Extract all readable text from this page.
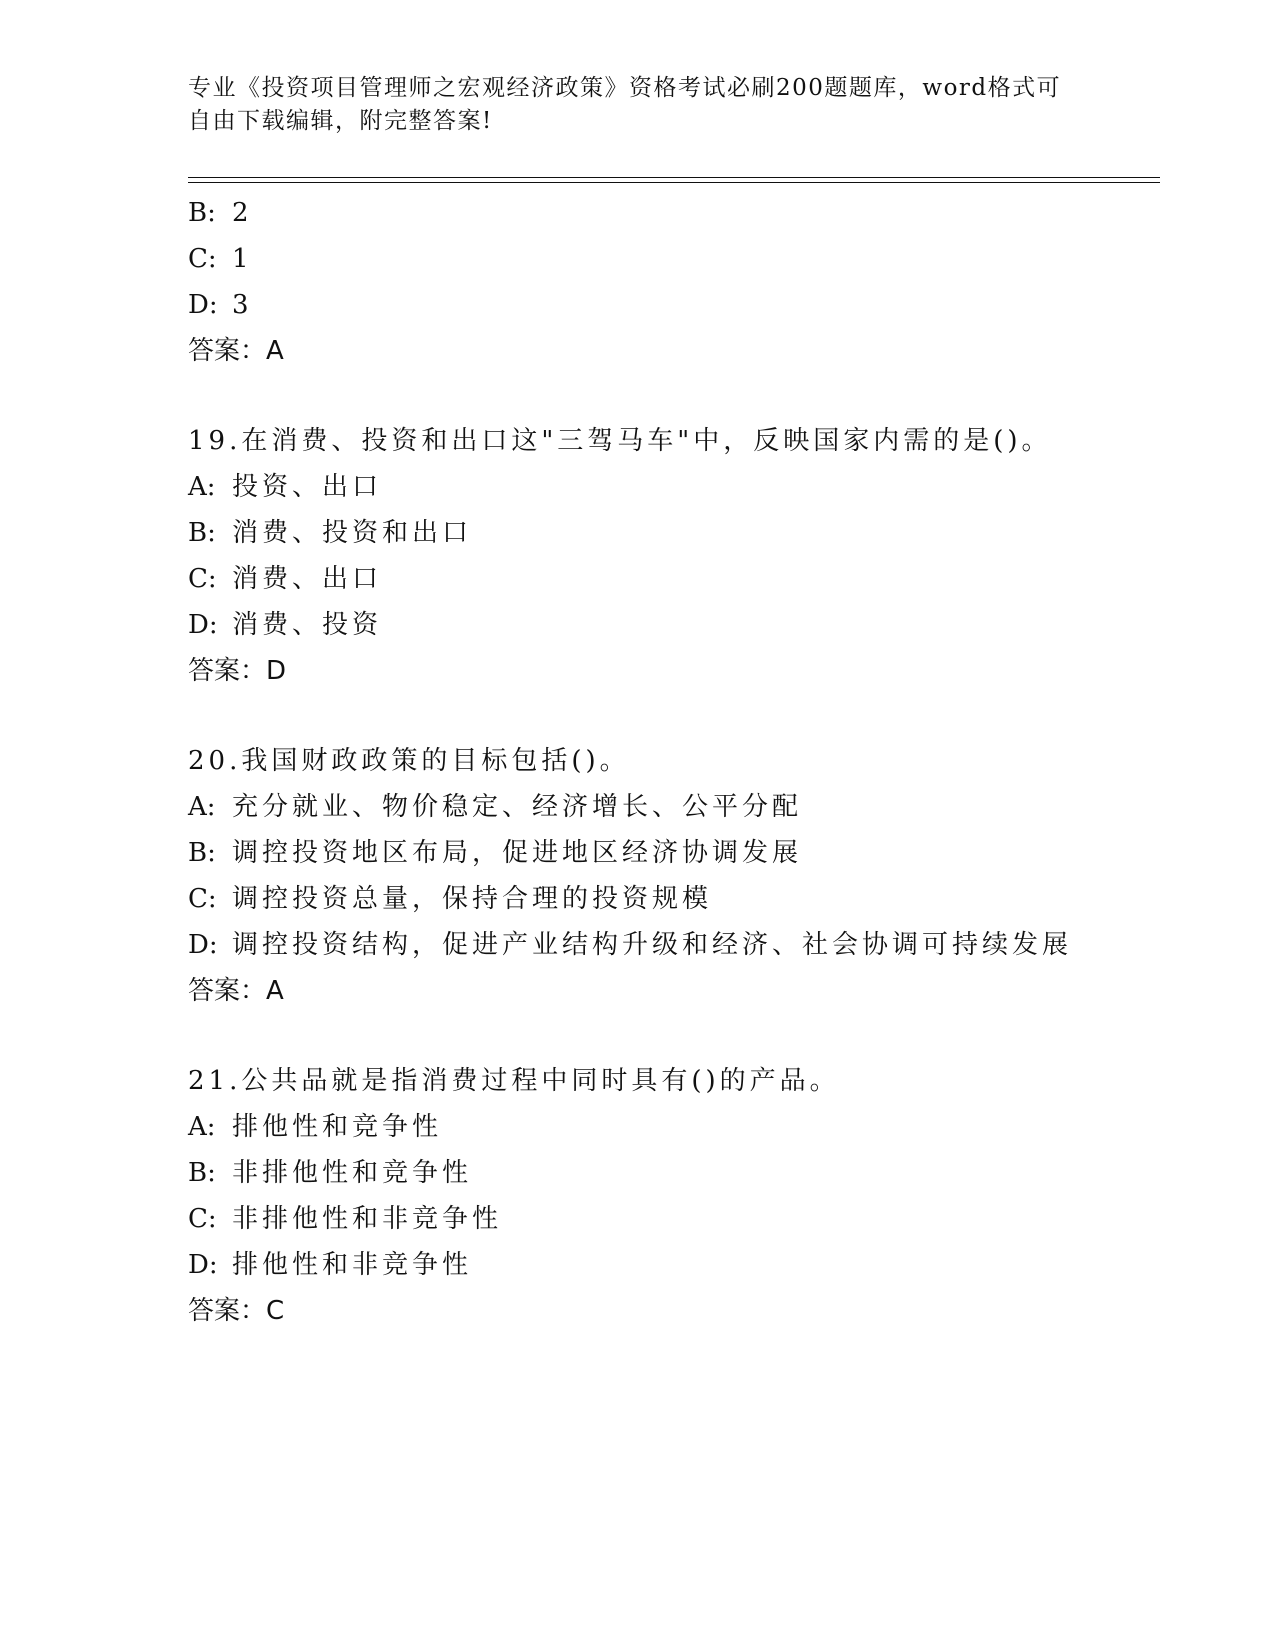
专业《投资项目管理师之宏观经济政策》资格考试必刷200题题库，word格式可
自由下载编辑，附完整答案!
B: 2
C: 1
D: 3
答案：A
19.在消费、投资和出口这"三驾马车"中，反映国家内需的是()。
A: 投资、出口
B: 消费、投资和出口
C: 消费、出口
D: 消费、投资
答案：D
20.我国财政政策的目标包括()。
A: 充分就业、物价稳定、经济增长、公平分配
B: 调控投资地区布局，促进地区经济协调发展
C: 调控投资总量，保持合理的投资规模
D: 调控投资结构，促进产业结构升级和经济、社会协调可持续发展
答案：A
21.公共品就是指消费过程中同时具有()的产品。
A: 排他性和竞争性
B: 非排他性和竞争性
C: 非排他性和非竞争性
D: 排他性和非竞争性
答案：C
